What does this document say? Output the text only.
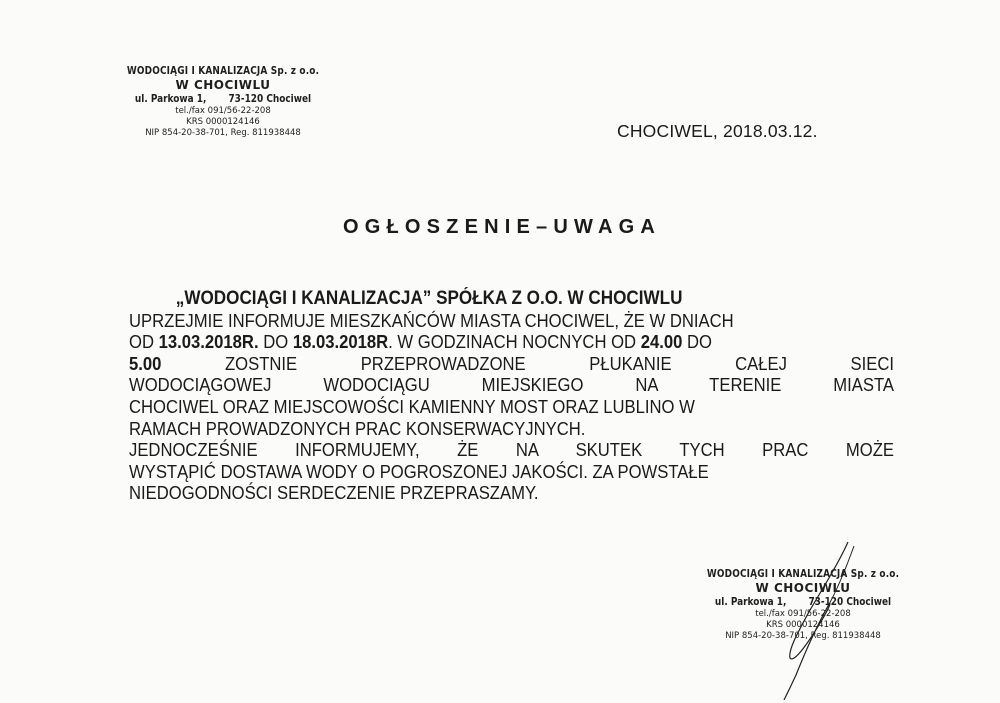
WODOCIĄGI I KANALIZACJA Sp. z o.o.
W CHOCIWLU
ul. Parkowa 1, 73-120 Chociwel
tel./fax 091/56-22-208
KRS 0000124146
NIP 854-20-38-701, Reg. 811938448	CHOCIWEL, 2018.03.12.
OGŁOSZENIE–UWAGA
„WODOCIĄGI I KANALIZACJA” SPÓŁKA Z O.O. W CHOCIWLU
UPRZEJMIE INFORMUJE MIESZKAŃCÓW MIASTA CHOCIWEL, ŻE W DNIACH
OD 13.03.2018R. DO 18.03.2018R. W GODZINACH NOCNYCH OD 24.00 DO
5.00	ZOSTNIE PRZEPROWADZONE PŁUKANIE CAŁEJ SIECI
WODOCIĄGOWEJ WODOCIĄGU MIEJSKIEGO NA TERENIE MIASTA
CHOCIWEL ORAZ MIEJSCOWOŚCI KAMIENNY MOST ORAZ LUBLINO W
RAMACH PROWADZONYCH PRAC KONSERWACYJNYCH.
JEDNOCZEŚNIE INFORMUJEMY, ŻE NA SKUTEK TYCH PRAC MOŻE
WYSTĄPIĆ DOSTAWA WODY O POGROSZONEJ JAKOŚCI. ZA POWSTAŁE
NIEDOGODNOŚCI SERDECZENIE PRZEPRASZAMY.
WODOCIĄGI I KANALIZACJA Sp. z o.o.
W CHOCIWLU
ul. Parkowa 1, 73-120 Chociwel
tel./fax 091/56-22-208
KRS 0000124146
NIP 854-20-38-701, Reg. 811938448
